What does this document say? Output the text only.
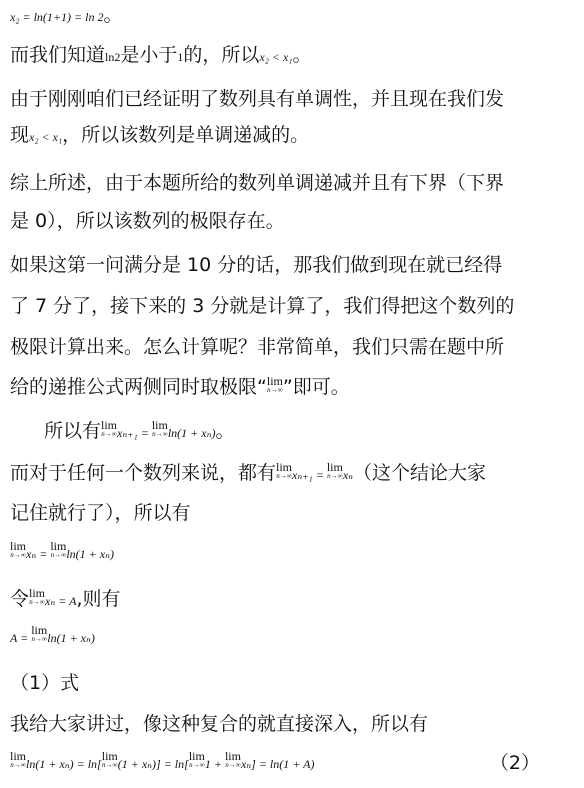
x₂ = ln(1+1) = ln 2。
而我们知道ln2是小于1的，所以x₂ < x₁。
由于刚刚咱们已经证明了数列具有单调性，并且现在我们发
现x₂ < x₁，所以该数列是单调递减的。
综上所述，由于本题所给的数列单调递减并且有下界（下界
是 0），所以该数列的极限存在。
如果这第一问满分是 10 分的话，那我们做到现在就已经得
了 7 分了，接下来的 3 分就是计算了，我们得把这个数列的
极限计算出来。怎么计算呢？非常简单，我们只需在题中所
给的递推公式两侧同时取极限“ lim
n→∞ ”即可。
所以有 lim
n→∞ xₙ₊₁ =
lim
n→∞ ln(1 + xₙ)。
而对于任何一个数列来说，都有 lim
n→∞ xₙ₊₁ =
lim
n→∞ xₙ（这个结论大家
记住就行了），所以有
lim
n→∞ xₙ =
lim
n→∞ ln(1 + xₙ)
令 lim
n→∞ xₙ = A,则有
A =
lim
n→∞ ln(1 + xₙ)
（1）式
我给大家讲过，像这种复合的就直接深入，所以有
lim
n→∞ ln(1 + xₙ) = ln[
lim
n→∞ (1 + xₙ)] = ln[
lim
n→∞ 1 +
lim
n→∞ xₙ] = ln(1 + A)	（2）
